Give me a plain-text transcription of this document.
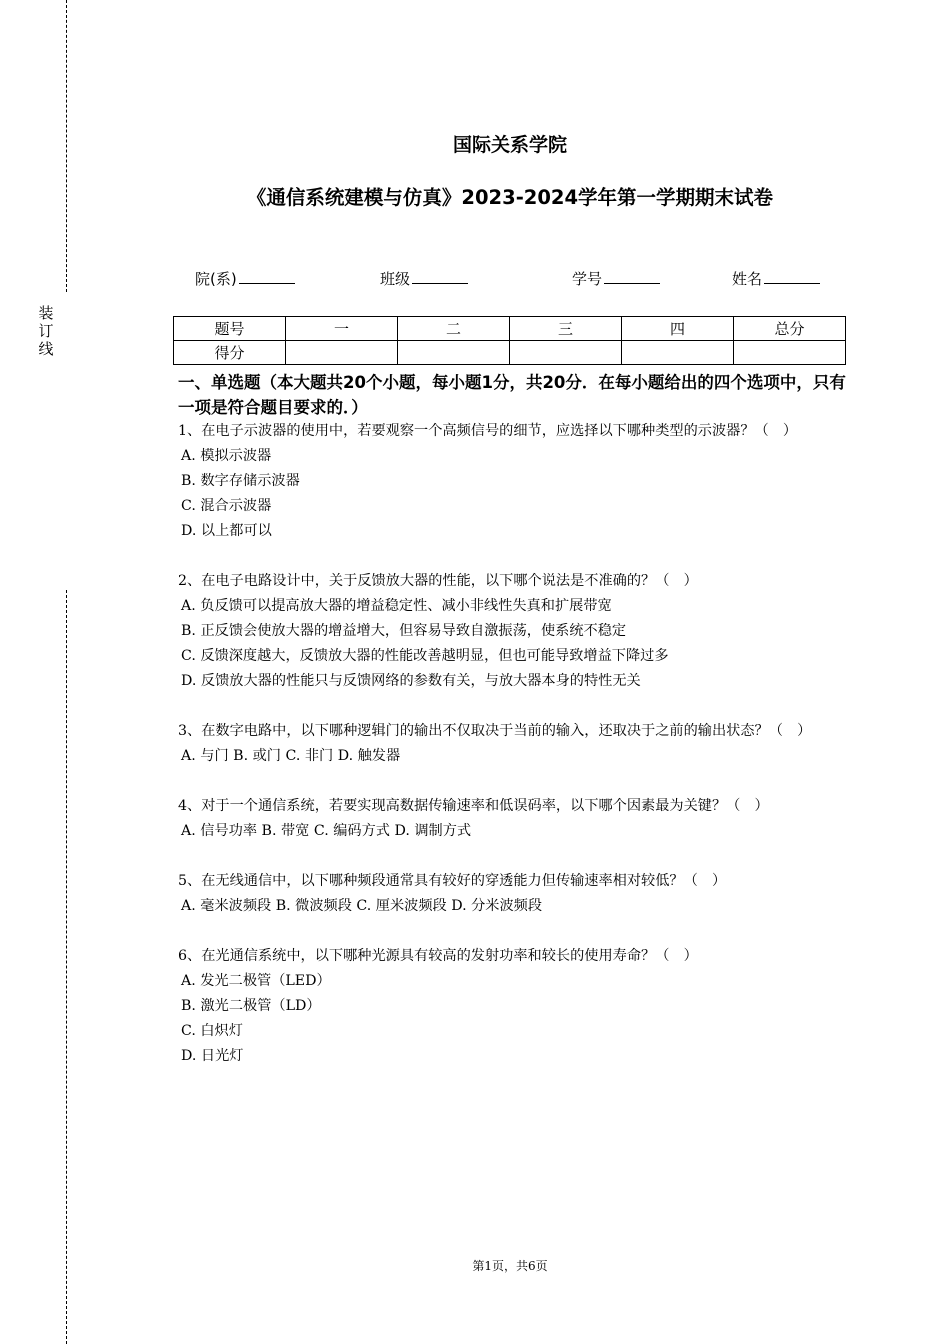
装
订
线
国际关系学院
《通信系统建模与仿真》2023-2024学年第一学期期末试卷
院(系)	班级	学号	姓名
题号	一	二	三	四	总分
得分					
一、单选题（本大题共20个小题，每小题1分，共20分．在每小题给出的四个选项中，只有一项是符合题目要求的．）

1、在电子示波器的使用中，若要观察一个高频信号的细节，应选择以下哪种类型的示波器？（　）

A. 模拟示波器

B. 数字存储示波器

C. 混合示波器

D. 以上都可以

2、在电子电路设计中，关于反馈放大器的性能，以下哪个说法是不准确的？（　）

A. 负反馈可以提高放大器的增益稳定性、减小非线性失真和扩展带宽

B. 正反馈会使放大器的增益增大，但容易导致自激振荡，使系统不稳定

C. 反馈深度越大，反馈放大器的性能改善越明显，但也可能导致增益下降过多

D. 反馈放大器的性能只与反馈网络的参数有关，与放大器本身的特性无关

3、在数字电路中，以下哪种逻辑门的输出不仅取决于当前的输入，还取决于之前的输出状态？（　）

A. 与门 B. 或门 C. 非门 D. 触发器

4、对于一个通信系统，若要实现高数据传输速率和低误码率，以下哪个因素最为关键？（　）

A. 信号功率 B. 带宽 C. 编码方式 D. 调制方式

5、在无线通信中，以下哪种频段通常具有较好的穿透能力但传输速率相对较低？（　）

A. 毫米波频段 B. 微波频段 C. 厘米波频段 D. 分米波频段

6、在光通信系统中，以下哪种光源具有较高的发射功率和较长的使用寿命？（　）

A. 发光二极管（LED）

B. 激光二极管（LD）

C. 白炽灯

D. 日光灯

第1页，共6页
